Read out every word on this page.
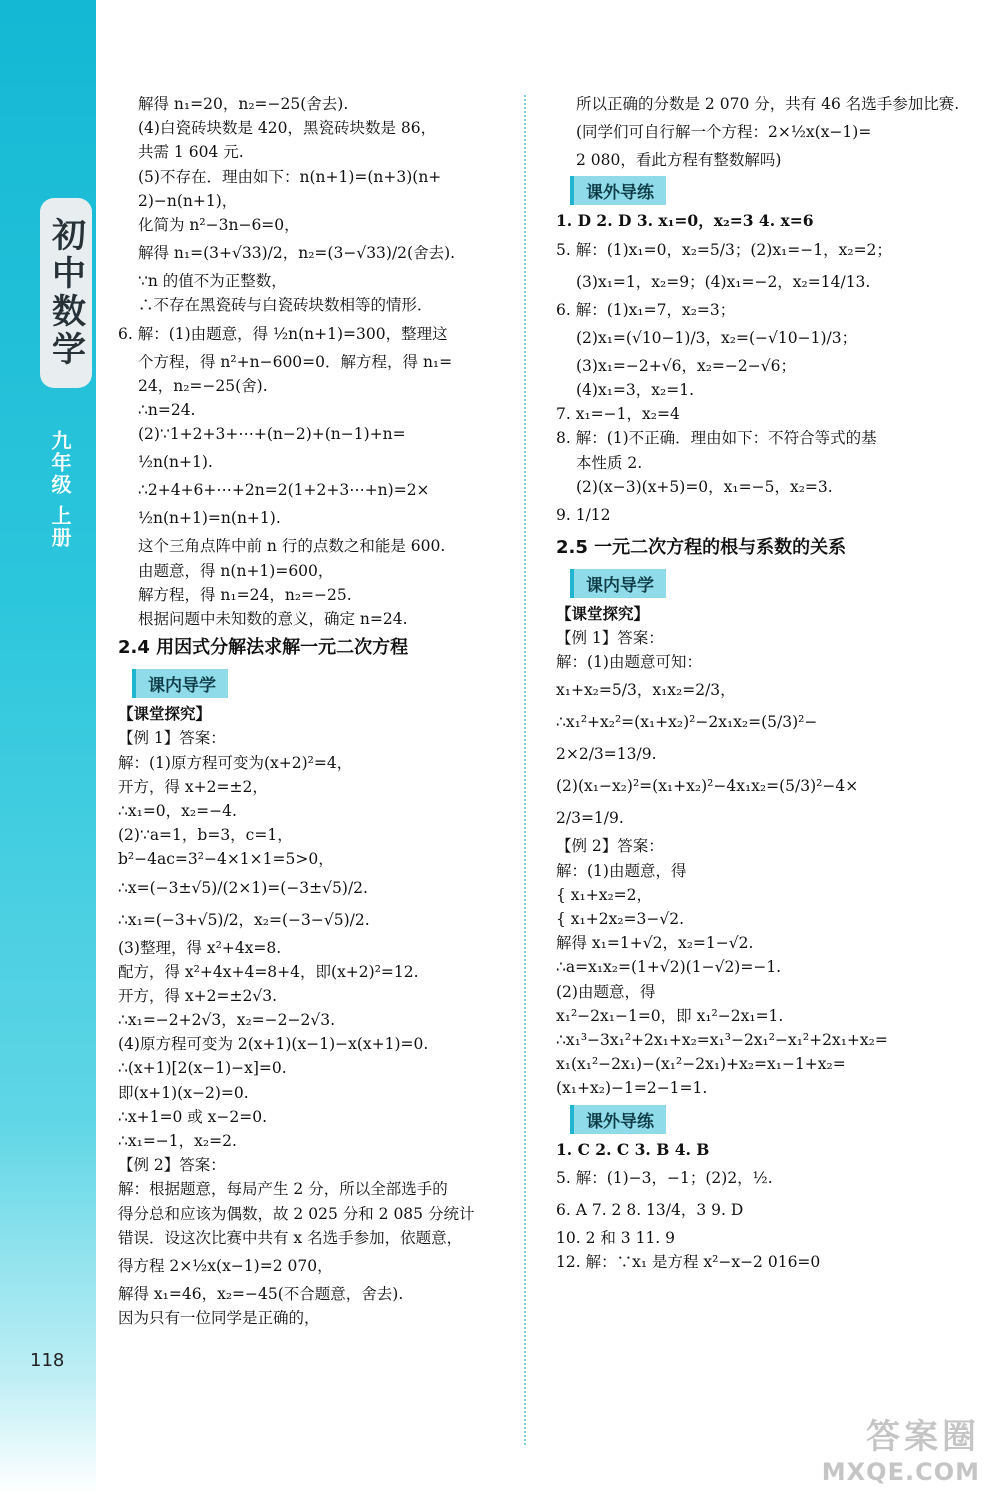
初中数学
九年级 上册
118
解得 n₁=20，n₂=−25(舍去).
(4)白瓷砖块数是 420，黑瓷砖块数是 86，
共需 1 604 元.
(5)不存在．理由如下：n(n+1)=(n+3)(n+
2)−n(n+1)，
化简为 n²−3n−6=0，
解得 n₁=(3+√33)/2，n₂=(3−√33)/2(舍去).
∵n 的值不为正整数，
∴不存在黑瓷砖与白瓷砖块数相等的情形．
6. 解：(1)由题意，得 ½n(n+1)=300，整理这
个方程，得 n²+n−600=0．解方程，得 n₁=
24，n₂=−25(舍).
∴n=24.
(2)∵1+2+3+⋯+(n−2)+(n−1)+n=
½n(n+1).
∴2+4+6+⋯+2n=2(1+2+3⋯+n)=2×
½n(n+1)=n(n+1).
这个三角点阵中前 n 行的点数之和能是 600.
由题意，得 n(n+1)=600，
解方程，得 n₁=24，n₂=−25.
根据问题中未知数的意义，确定 n=24.
2.4 用因式分解法求解一元二次方程
课内导学
【课堂探究】
【例 1】答案：
解：(1)原方程可变为(x+2)²=4，
开方，得 x+2=±2，
∴x₁=0，x₂=−4.
(2)∵a=1，b=3，c=1，
b²−4ac=3²−4×1×1=5>0，
∴x=(−3±√5)/(2×1)=(−3±√5)/2.
∴x₁=(−3+√5)/2，x₂=(−3−√5)/2.
(3)整理，得 x²+4x=8.
配方，得 x²+4x+4=8+4，即(x+2)²=12.
开方，得 x+2=±2√3.
∴x₁=−2+2√3，x₂=−2−2√3.
(4)原方程可变为 2(x+1)(x−1)−x(x+1)=0.
∴(x+1)[2(x−1)−x]=0.
即(x+1)(x−2)=0.
∴x+1=0 或 x−2=0.
∴x₁=−1，x₂=2.
【例 2】答案：
解：根据题意，每局产生 2 分，所以全部选手的
得分总和应该为偶数，故 2 025 分和 2 085 分统计
错误．设这次比赛中共有 x 名选手参加，依题意，
得方程 2×½x(x−1)=2 070，
解得 x₁=46，x₂=−45(不合题意，舍去).
因为只有一位同学是正确的，
所以正确的分数是 2 070 分，共有 46 名选手参加比赛.
(同学们可自行解一个方程：2×½x(x−1)=
2 080，看此方程有整数解吗)
课外导练
1. D 2. D 3. x₁=0，x₂=3 4. x=6
5. 解：(1)x₁=0，x₂=5/3；(2)x₁=−1，x₂=2；
(3)x₁=1，x₂=9；(4)x₁=−2，x₂=14/13.
6. 解：(1)x₁=7，x₂=3；
(2)x₁=(√10−1)/3，x₂=(−√10−1)/3；
(3)x₁=−2+√6，x₂=−2−√6；
(4)x₁=3，x₂=1.
7. x₁=−1，x₂=4
8. 解：(1)不正确．理由如下：不符合等式的基
本性质 2.
(2)(x−3)(x+5)=0，x₁=−5，x₂=3.
9. 1/12
2.5 一元二次方程的根与系数的关系
课内导学
【课堂探究】
【例 1】答案：
解：(1)由题意可知：
x₁+x₂=5/3，x₁x₂=2/3，
∴x₁²+x₂²=(x₁+x₂)²−2x₁x₂=(5/3)²−
2×2/3=13/9.
(2)(x₁−x₂)²=(x₁+x₂)²−4x₁x₂=(5/3)²−4×
2/3=1/9.
【例 2】答案：
解：(1)由题意，得
{ x₁+x₂=2，
{ x₁+2x₂=3−√2.
解得 x₁=1+√2，x₂=1−√2.
∴a=x₁x₂=(1+√2)(1−√2)=−1.
(2)由题意，得
x₁²−2x₁−1=0，即 x₁²−2x₁=1.
∴x₁³−3x₁²+2x₁+x₂=x₁³−2x₁²−x₁²+2x₁+x₂=
x₁(x₁²−2x₁)−(x₁²−2x₁)+x₂=x₁−1+x₂=
(x₁+x₂)−1=2−1=1.
课外导练
1. C 2. C 3. B 4. B
5. 解：(1)−3，−1；(2)2，½.
6. A 7. 2 8. 13/4，3 9. D
10. 2 和 3 11. 9
12. 解：∵x₁ 是方程 x²−x−2 016=0
答案圈
MXQE.COM
